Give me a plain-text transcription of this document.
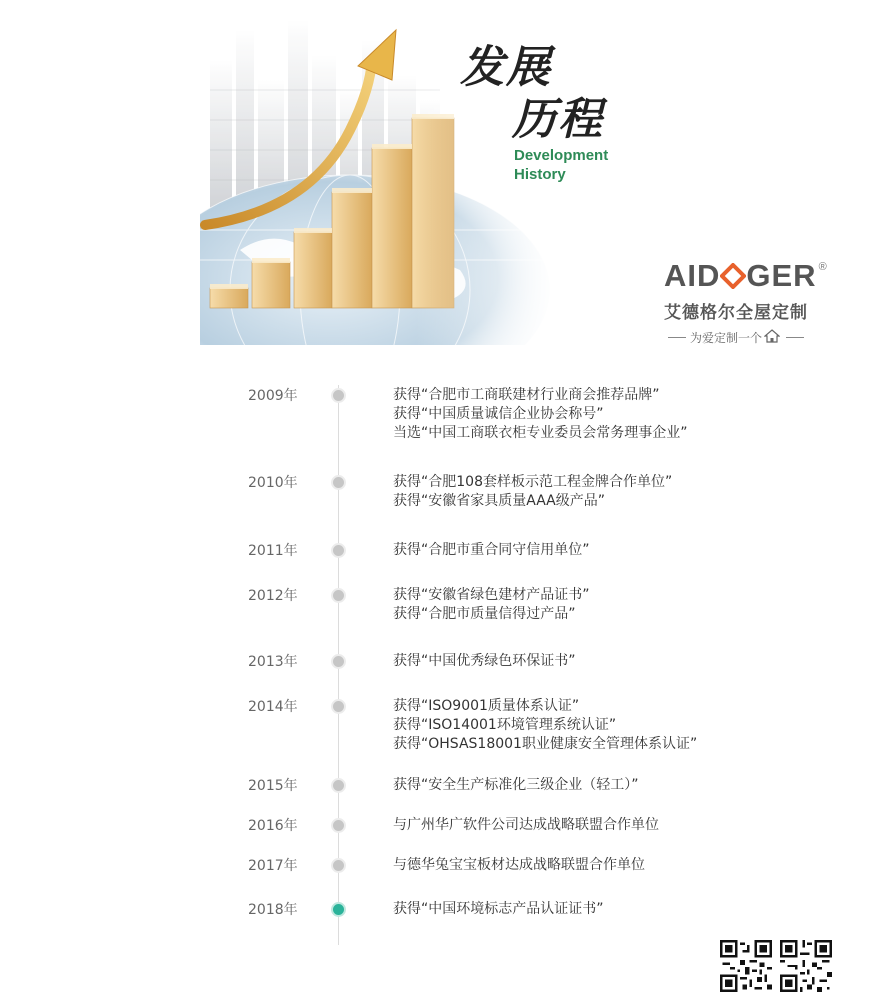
发展
历程
Development
History
AID GER ®
艾德格尔全屋定制
为爱定制一个
2009年	获得“合肥市工商联建材行业商会推荐品牌”
获得“中国质量诚信企业协会称号”
当选“中国工商联衣柜专业委员会常务理事企业”
2010年	获得“合肥108套样板示范工程金牌合作单位”
获得“安徽省家具质量AAA级产品”
2011年	获得“合肥市重合同守信用单位”
2012年	获得“安徽省绿色建材产品证书”
获得“合肥市质量信得过产品”
2013年	获得“中国优秀绿色环保证书”
2014年	获得“ISO9001质量体系认证”
获得“ISO14001环境管理系统认证”
获得“OHSAS18001职业健康安全管理体系认证”
2015年	获得“安全生产标准化三级企业（轻工）”
2016年	与广州华广软件公司达成战略联盟合作单位
2017年	与德华兔宝宝板材达成战略联盟合作单位
2018年	获得“中国环境标志产品认证证书”
